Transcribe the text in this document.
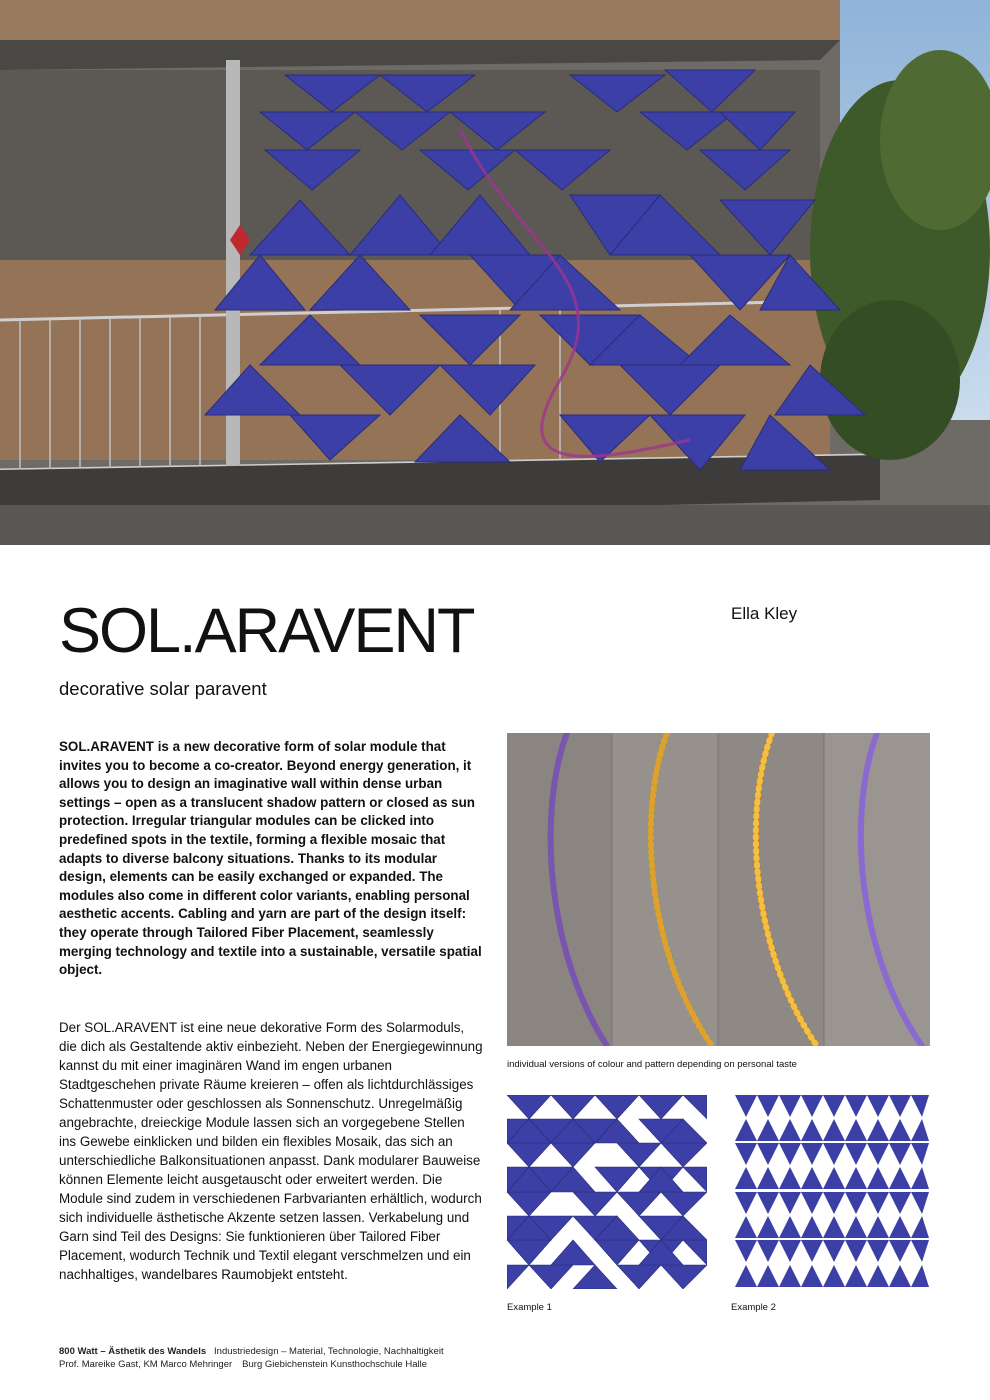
SOL.ARAVENT
decorative solar paravent
Ella Kley

SOL.ARAVENT is a new decorative form of solar module that invites you to become a co-creator. Beyond energy generation, it allows you to design an imaginative wall within dense urban settings – open as a translucent shadow pattern or closed as sun protection. Irregular triangular modules can be clicked into predefined spots in the textile, forming a flexible mosaic that adapts to diverse balcony situations. Thanks to its modular design, elements can be easily exchanged or expanded. The modules also come in different color variants, enabling personal aesthetic accents. Cabling and yarn are part of the design itself: they operate through Tailored Fiber Placement, seamlessly merging technology and textile into a sustainable, versatile spatial object.

Der SOL.ARAVENT ist eine neue dekorative Form des Solarmoduls, die dich als Gestaltende aktiv einbezieht. Neben der Energiegewinnung kannst du mit einer imaginären Wand im engen urbanen Stadtgeschehen private Räume kreieren – offen als lichtdurchlässiges Schattenmuster oder geschlossen als Sonnenschutz. Unregelmäßig angebrachte, dreieckige Module lassen sich an vorgegebene Stellen ins Gewebe einklicken und bilden ein flexibles Mosaik, das sich an unterschiedliche Balkonsituationen anpasst. Dank modularer Bauweise können Elemente leicht ausgetauscht oder erweitert werden. Die Module sind zudem in verschiedenen Farbvarianten erhältlich, wodurch sich individuelle ästhetische Akzente setzen lassen. Verkabelung und Garn sind Teil des Designs: Sie funktionieren über Tailored Fiber Placement, wodurch Technik und Textil elegant verschmelzen und ein nachhaltiges, wandelbares Raumobjekt entsteht.

individual versions of colour and pattern depending on personal taste
Example 1	Example 2
800 Watt – Ästhetik des Wandels Industriedesign – Material, Technologie, Nachhaltigkeit
Prof. Mareike Gast, KM Marco Mehringer Burg Giebichenstein Kunsthochschule Halle
